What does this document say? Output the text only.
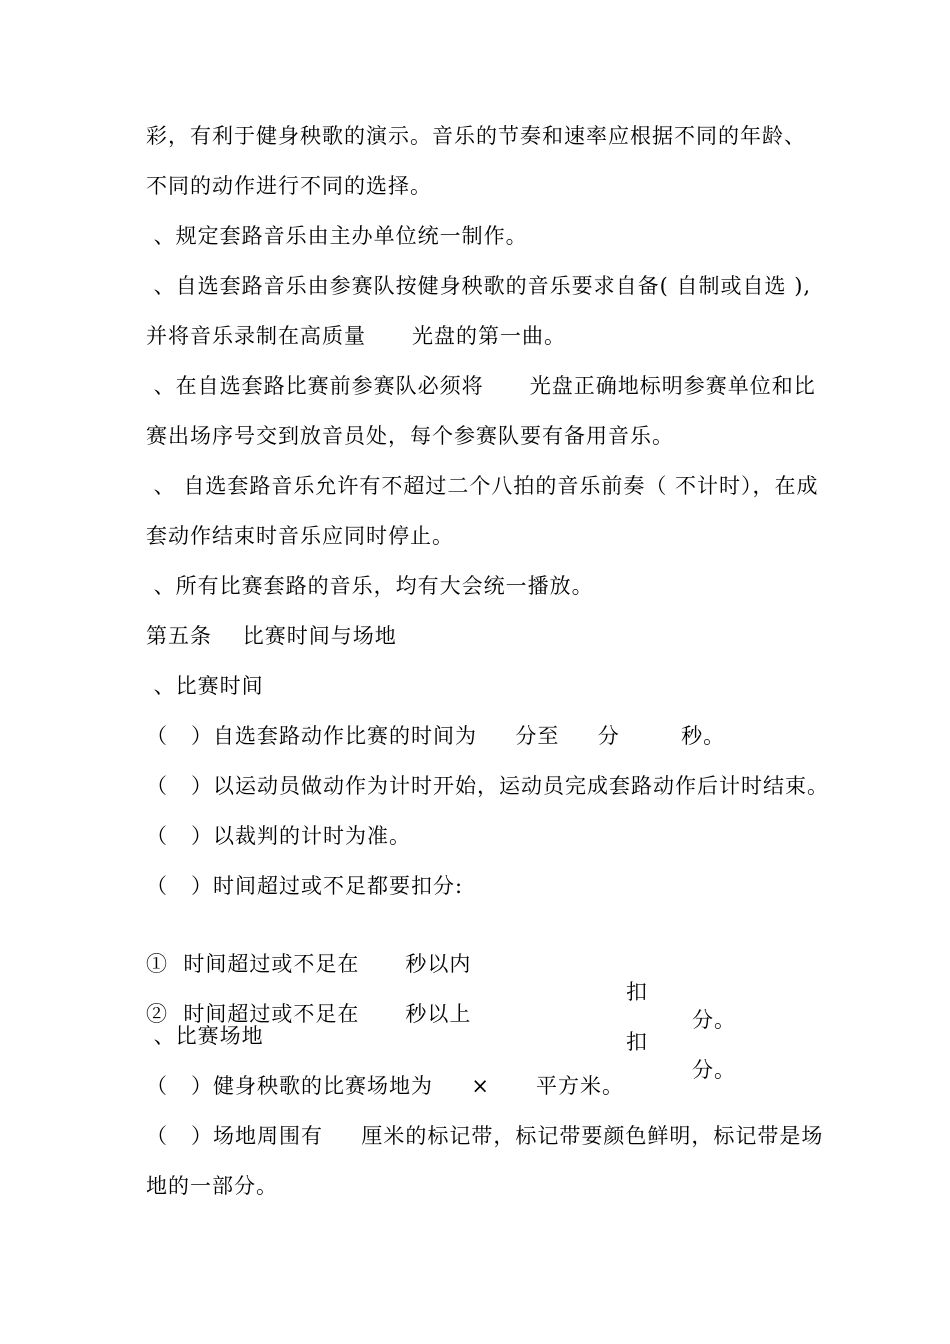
彩，有利于健身秧歌的演示。音乐的节奏和速率应根据不同的年龄、
不同的动作进行不同的选择。
、规定套路音乐由主办单位统一制作。
、自选套路音乐由参赛队按健身秧歌的音乐要求自备( 自制或自选 ),
并将音乐录制在高质量      光盘的第一曲。
、在自选套路比赛前参赛队必须将      光盘正确地标明参赛单位和比
赛出场序号交到放音员处，每个参赛队要有备用音乐。
、 自选套路音乐允许有不超过二个八拍的音乐前奏（ 不计时），在成
套动作结束时音乐应同时停止。
、所有比赛套路的音乐，均有大会统一播放。
第五条    比赛时间与场地
、比赛时间
（   ）自选套路动作比赛的时间为     分至     分        秒。
（   ）以运动员做动作为计时开始，运动员完成套路动作后计时结束。
（   ）以裁判的计时为准。
（   ）时间超过或不足都要扣分:

①  时间超过或不足在      秒以内

扣

分。

②  时间超过或不足在      秒以上

扣

分。

、比赛场地
（   ）健身秧歌的比赛场地为     ×      平方米。
（   ）场地周围有     厘米的标记带，标记带要颜色鲜明，标记带是场
地的一部分。
